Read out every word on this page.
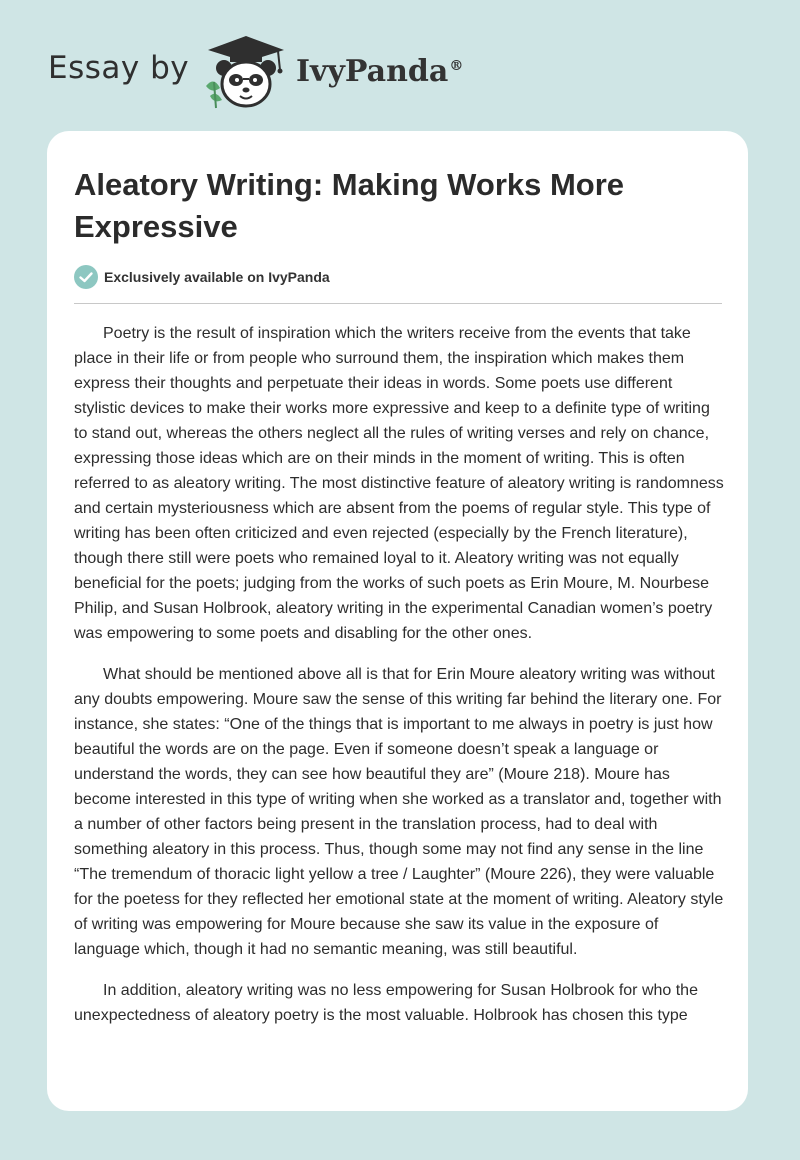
Essay by	IvyPanda®
Aleatory Writing: Making Works More Expressive
Exclusively available on IvyPanda

Poetry is the result of inspiration which the writers receive from the events that take place in their life or from people who surround them, the inspiration which makes them express their thoughts and perpetuate their ideas in words. Some poets use different stylistic devices to make their works more expressive and keep to a definite type of writing to stand out, whereas the others neglect all the rules of writing verses and rely on chance, expressing those ideas which are on their minds in the moment of writing. This is often referred to as aleatory writing. The most distinctive feature of aleatory writing is randomness and certain mysteriousness which are absent from the poems of regular style. This type of writing has been often criticized and even rejected (especially by the French literature), though there still were poets who remained loyal to it. Aleatory writing was not equally beneficial for the poets; judging from the works of such poets as Erin Moure, M. Nourbese Philip, and Susan Holbrook, aleatory writing in the experimental Canadian women’s poetry was empowering to some poets and disabling for the other ones.

What should be mentioned above all is that for Erin Moure aleatory writing was without any doubts empowering. Moure saw the sense of this writing far behind the literary one. For instance, she states: “One of the things that is important to me always in poetry is just how beautiful the words are on the page. Even if someone doesn’t speak a language or understand the words, they can see how beautiful they are” (Moure 218). Moure has become interested in this type of writing when she worked as a translator and, together with a number of other factors being present in the translation process, had to deal with something aleatory in this process. Thus, though some may not find any sense in the line “The tremendum of thoracic light yellow a tree / Laughter” (Moure 226), they were valuable for the poetess for they reflected her emotional state at the moment of writing. Aleatory style of writing was empowering for Moure because she saw its value in the exposure of language which, though it had no semantic meaning, was still beautiful.

In addition, aleatory writing was no less empowering for Susan Holbrook for who the unexpectedness of aleatory poetry is the most valuable. Holbrook has chosen this type
